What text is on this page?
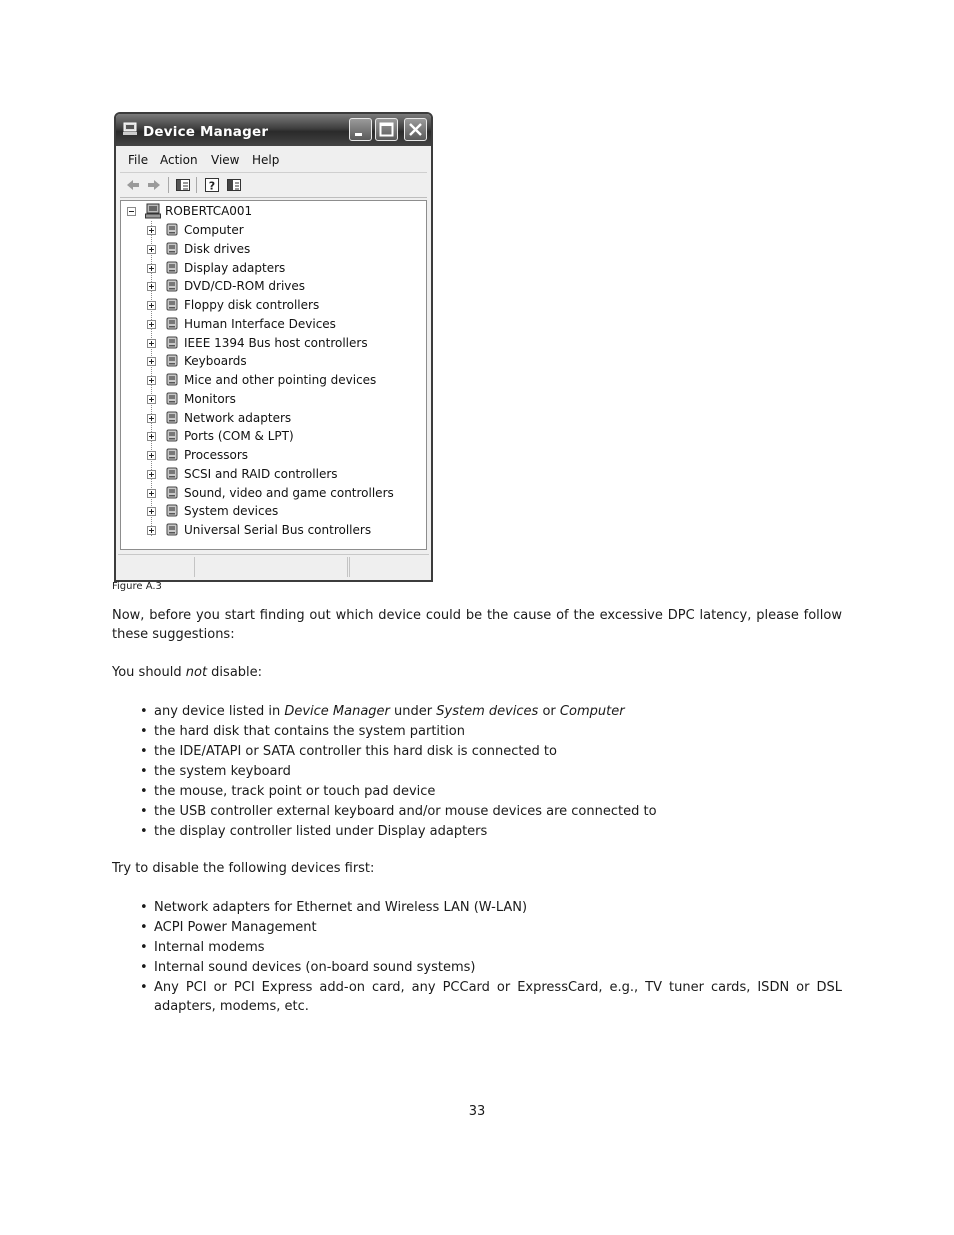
Device Manager
File Action View Help
?
ROBERTCA001
Computer
Disk drives
Display adapters
DVD/CD-ROM drives
Floppy disk controllers
Human Interface Devices
IEEE 1394 Bus host controllers
Keyboards
Mice and other pointing devices
Monitors
Network adapters
Ports (COM & LPT)
Processors
SCSI and RAID controllers
Sound, video and game controllers
System devices
Universal Serial Bus controllers
Figure A.3

Now, before you start finding out which device could be the cause of the excessive DPC latency, please follow these suggestions:

You should not disable:

• any device listed in Device Manager under System devices or Computer
• the hard disk that contains the system partition
• the IDE/ATAPI or SATA controller this hard disk is connected to
• the system keyboard
• the mouse, track point or touch pad device
• the USB controller external keyboard and/or mouse devices are connected to
• the display controller listed under Display adapters

Try to disable the following devices first:

• Network adapters for Ethernet and Wireless LAN (W-LAN)
• ACPI Power Management
• Internal modems
• Internal sound devices (on-board sound systems)
• Any PCI or PCI Express add-on card, any PCCard or ExpressCard, e.g., TV tuner cards, ISDN or DSL adapters, modems, etc.
33
